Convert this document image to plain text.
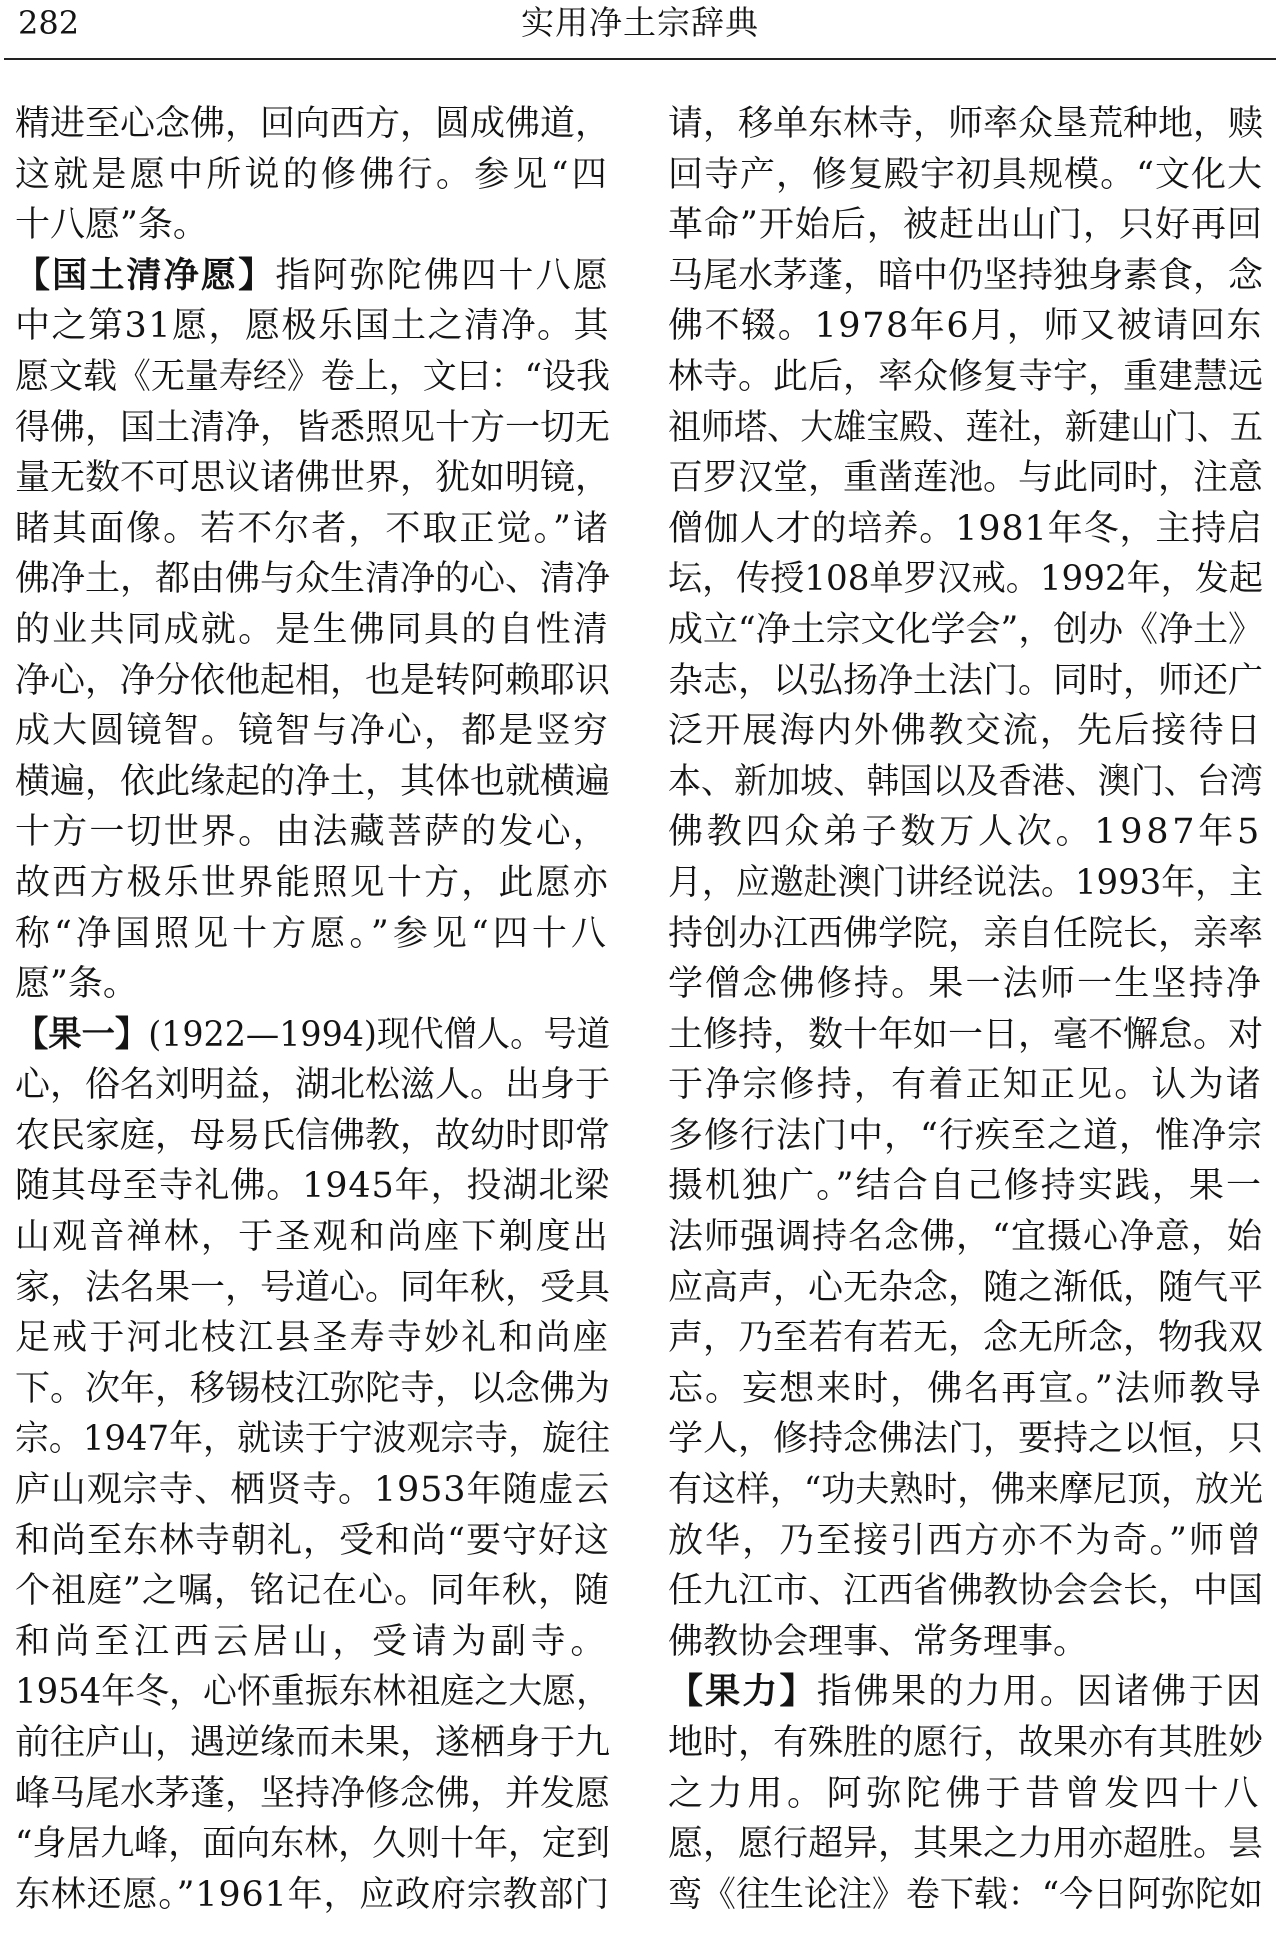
282	实用净土宗辞典
精进至心念佛，回向西方，圆成佛道，
这就是愿中所说的修佛行。参见“四
十八愿”条。
【国土清净愿】指阿弥陀佛四十八愿
中之第31愿，愿极乐国土之清净。其
愿文载《无量寿经》卷上，文曰：“设我
得佛，国土清净，皆悉照见十方一切无
量无数不可思议诸佛世界，犹如明镜，
睹其面像。若不尔者，不取正觉。”诸
佛净土，都由佛与众生清净的心、清净
的业共同成就。是生佛同具的自性清
净心，净分依他起相，也是转阿赖耶识
成大圆镜智。镜智与净心，都是竖穷
横遍，依此缘起的净土，其体也就横遍
十方一切世界。由法藏菩萨的发心，
故西方极乐世界能照见十方，此愿亦
称“净国照见十方愿。”参见“四十八
愿”条。
【果一】(1922—1994)现代僧人。号道
心，俗名刘明益，湖北松滋人。出身于
农民家庭，母易氏信佛教，故幼时即常
随其母至寺礼佛。1945年，投湖北梁
山观音禅林，于圣观和尚座下剃度出
家，法名果一，号道心。同年秋，受具
足戒于河北枝江县圣寿寺妙礼和尚座
下。次年，移锡枝江弥陀寺，以念佛为
宗。1947年，就读于宁波观宗寺，旋往
庐山观宗寺、栖贤寺。1953年随虚云
和尚至东林寺朝礼，受和尚“要守好这
个祖庭”之嘱，铭记在心。同年秋，随
和尚至江西云居山，受请为副寺。
1954年冬，心怀重振东林祖庭之大愿，
前往庐山，遇逆缘而未果，遂栖身于九
峰马尾水茅蓬，坚持净修念佛，并发愿
“身居九峰，面向东林，久则十年，定到
东林还愿。”1961年，应政府宗教部门
请，移单东林寺，师率众垦荒种地，赎
回寺产，修复殿宇初具规模。“文化大
革命”开始后，被赶出山门，只好再回
马尾水茅蓬，暗中仍坚持独身素食，念
佛不辍。1978年6月，师又被请回东
林寺。此后，率众修复寺宇，重建慧远
祖师塔、大雄宝殿、莲社，新建山门、五
百罗汉堂，重凿莲池。与此同时，注意
僧伽人才的培养。1981年冬，主持启
坛，传授108单罗汉戒。1992年，发起
成立“净土宗文化学会”，创办《净土》
杂志，以弘扬净土法门。同时，师还广
泛开展海内外佛教交流，先后接待日
本、新加坡、韩国以及香港、澳门、台湾
佛教四众弟子数万人次。1987年5
月，应邀赴澳门讲经说法。1993年，主
持创办江西佛学院，亲自任院长，亲率
学僧念佛修持。果一法师一生坚持净
土修持，数十年如一日，毫不懈怠。对
于净宗修持，有着正知正见。认为诸
多修行法门中，“行疾至之道，惟净宗
摄机独广。”结合自己修持实践，果一
法师强调持名念佛，“宜摄心净意，始
应高声，心无杂念，随之渐低，随气平
声，乃至若有若无，念无所念，物我双
忘。妄想来时，佛名再宣。”法师教导
学人，修持念佛法门，要持之以恒，只
有这样，“功夫熟时，佛来摩尼顶，放光
放华，乃至接引西方亦不为奇。”师曾
任九江市、江西省佛教协会会长，中国
佛教协会理事、常务理事。
【果力】指佛果的力用。因诸佛于因
地时，有殊胜的愿行，故果亦有其胜妙
之力用。阿弥陀佛于昔曾发四十八
愿，愿行超异，其果之力用亦超胜。昙
鸾《往生论注》卷下载：“今日阿弥陀如
